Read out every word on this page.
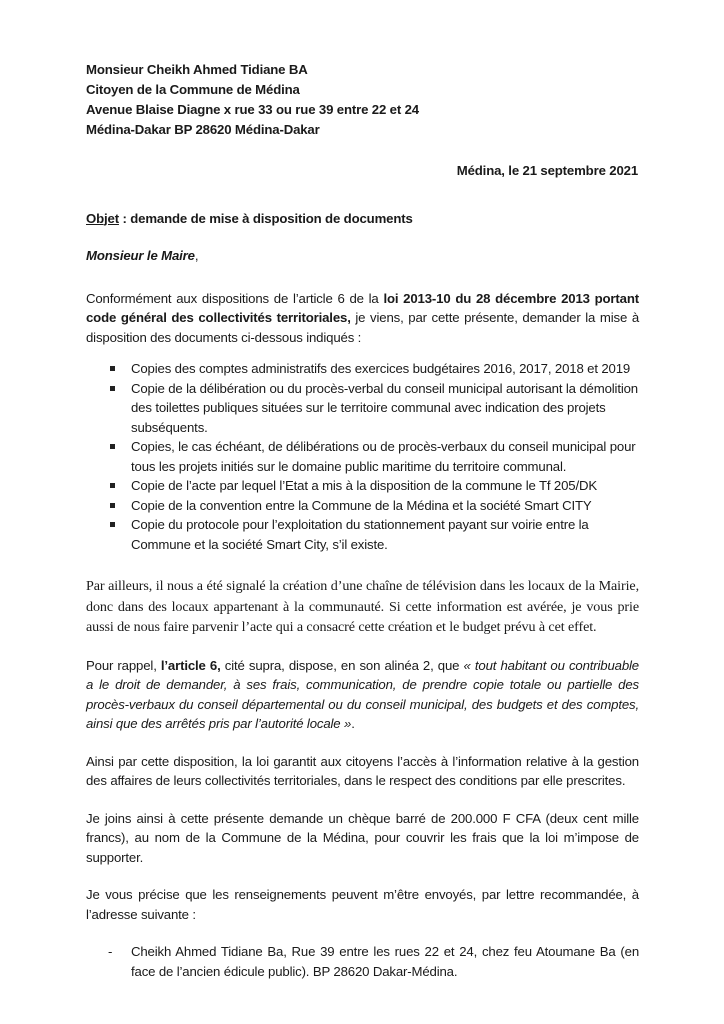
Monsieur Cheikh Ahmed Tidiane BA
Citoyen de la Commune de Médina
Avenue Blaise Diagne x rue 33 ou rue 39 entre 22 et 24
Médina-Dakar BP 28620 Médina-Dakar
Médina, le 21 septembre 2021
Objet : demande de mise à disposition de documents
Monsieur le Maire,

Conformément aux dispositions de l’article 6 de la loi 2013-10 du 28 décembre 2013 portant code général des collectivités territoriales, je viens, par cette présente, demander la mise à disposition des documents ci-dessous indiqués :

Copies des comptes administratifs des exercices budgétaires 2016, 2017, 2018 et 2019
Copie de la délibération ou du procès-verbal du conseil municipal autorisant la démolition des toilettes publiques situées sur le territoire communal avec indication des projets subséquents.
Copies, le cas échéant, de délibérations ou de procès-verbaux du conseil municipal pour tous les projets initiés sur le domaine public maritime du territoire communal.
Copie de l’acte par lequel l’Etat a mis à la disposition de la commune le Tf 205/DK
Copie de la convention entre la Commune de la Médina et la société Smart CITY
Copie du protocole pour l’exploitation du stationnement payant sur voirie entre la Commune et la société Smart City, s’il existe.

Par ailleurs, il nous a été signalé la création d’une chaîne de télévision dans les locaux de la Mairie, donc dans des locaux appartenant à la communauté. Si cette information est avérée, je vous prie aussi de nous faire parvenir l’acte qui a consacré cette création et le budget prévu à cet effet.

Pour rappel, l’article 6, cité supra, dispose, en son alinéa 2, que « tout habitant ou contribuable a le droit de demander, à ses frais, communication, de prendre copie totale ou partielle des procès-verbaux du conseil départemental ou du conseil municipal, des budgets et des comptes, ainsi que des arrêtés pris par l’autorité locale ».

Ainsi par cette disposition, la loi garantit aux citoyens l’accès à l’information relative à la gestion des affaires de leurs collectivités territoriales, dans le respect des conditions par elle prescrites.

Je joins ainsi à cette présente demande un chèque barré de 200.000 F CFA (deux cent mille francs), au nom de la Commune de la Médina, pour couvrir les frais que la loi m’impose de supporter.

Je vous précise que les renseignements peuvent m’être envoyés, par lettre recommandée, à l’adresse suivante :

- Cheikh Ahmed Tidiane Ba, Rue 39 entre les rues 22 et 24, chez feu Atoumane Ba (en face de l’ancien édicule public). BP 28620 Dakar-Médina.
